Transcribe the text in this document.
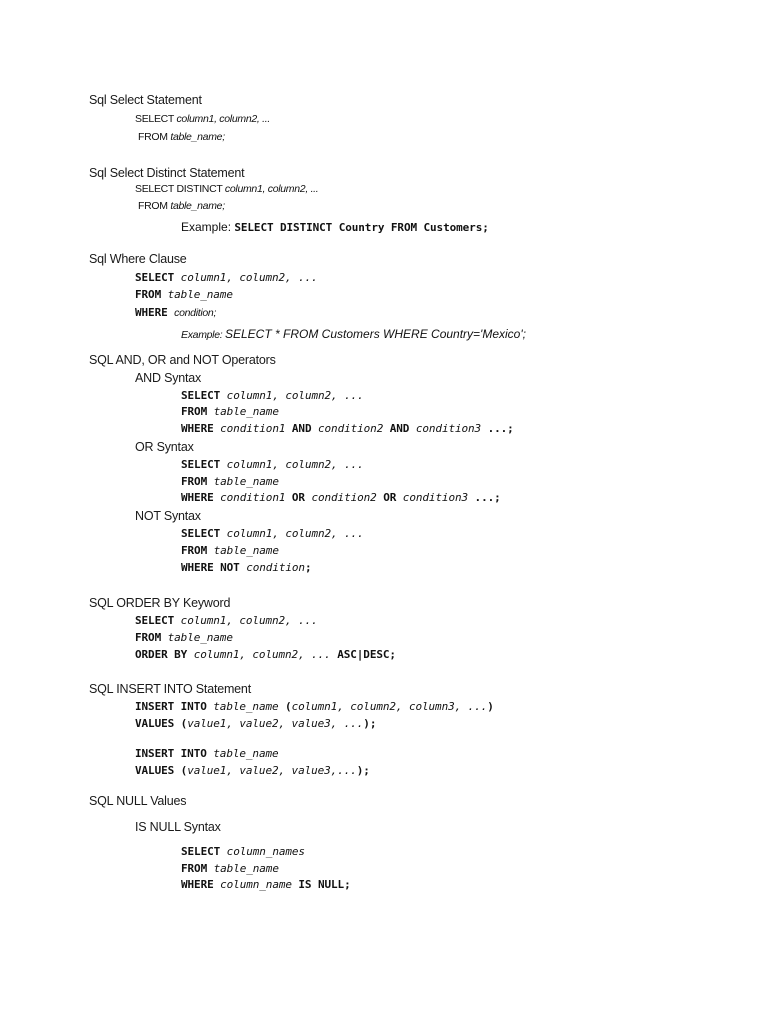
Sql Select Statement
SELECT column1, column2, ...
FROM table_name;
Sql Select Distinct Statement
SELECT DISTINCT column1, column2, ...
FROM table_name;
Example: SELECT DISTINCT Country FROM Customers;
Sql Where Clause
SELECT column1, column2, ...
FROM table_name
WHERE condition;
Example: SELECT * FROM Customers WHERE Country='Mexico';
SQL AND, OR and NOT Operators
AND Syntax
SELECT column1, column2, ...
FROM table_name
WHERE condition1 AND condition2 AND condition3 ...;
OR Syntax
SELECT column1, column2, ...
FROM table_name
WHERE condition1 OR condition2 OR condition3 ...;
NOT Syntax
SELECT column1, column2, ...
FROM table_name
WHERE NOT condition;
SQL ORDER BY Keyword
SELECT column1, column2, ...
FROM table_name
ORDER BY column1, column2, ... ASC|DESC;
SQL INSERT INTO Statement
INSERT INTO table_name (column1, column2, column3, ...)
VALUES (value1, value2, value3, ...);
INSERT INTO table_name
VALUES (value1, value2, value3,...);
SQL NULL Values
IS NULL Syntax
SELECT column_names
FROM table_name
WHERE column_name IS NULL;
